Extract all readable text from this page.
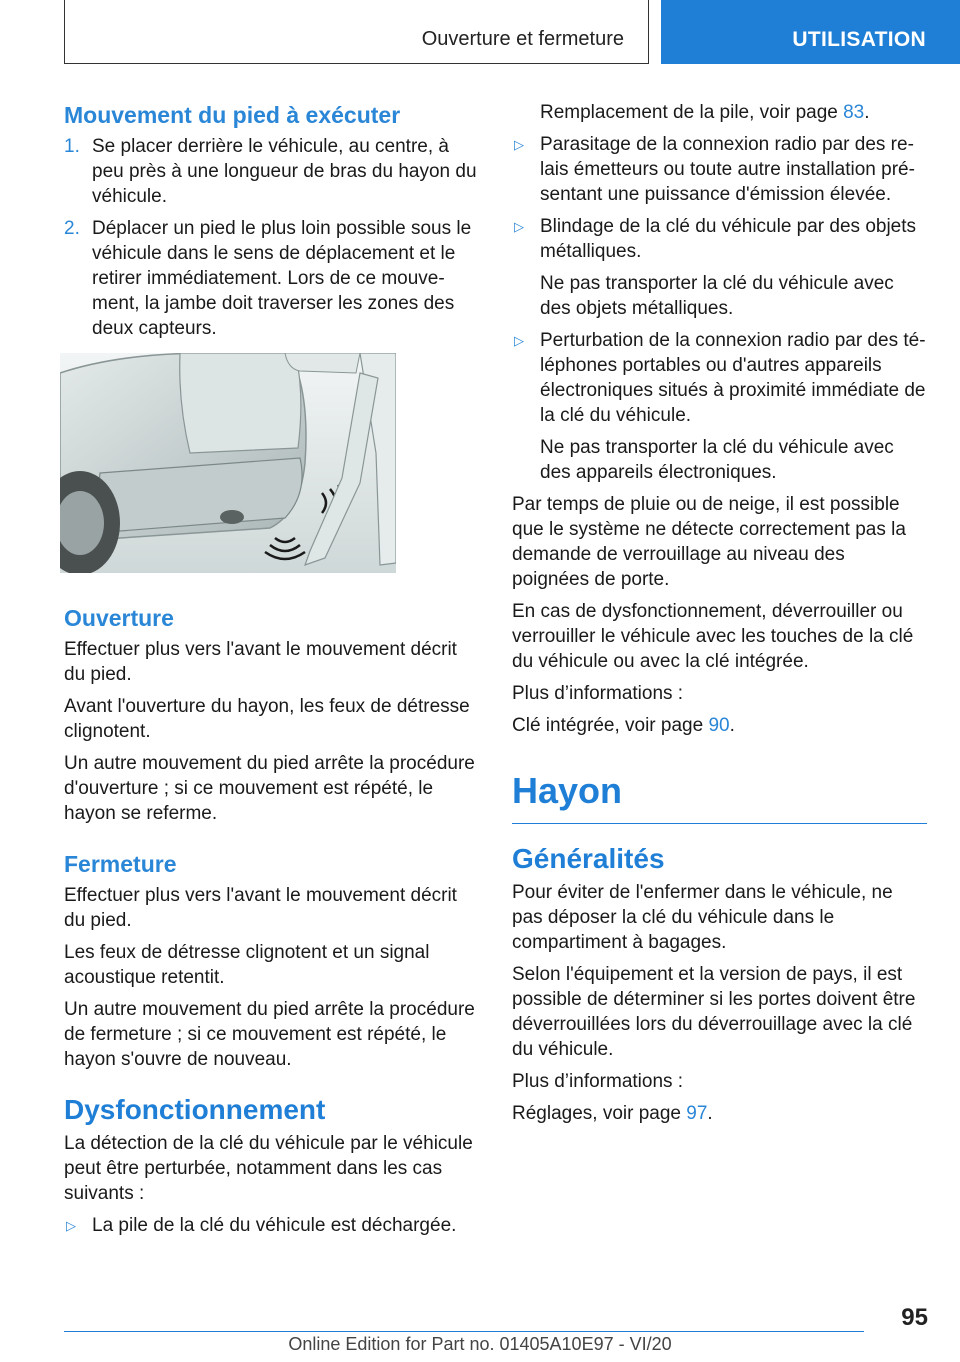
Ouverture et fermeture	UTILISATION
Mouvement du pied à exécuter
1. Se placer derrière le véhicule, au centre, à peu près à une longueur de bras du hayon du véhicule.
2. Déplacer un pied le plus loin possible sous le véhicule dans le sens de déplacement et le retirer immédiatement. Lors de ce mouve‐ment, la jambe doit traverser les zones des deux capteurs.
Ouverture

Effectuer plus vers l'avant le mouvement décrit du pied.

Avant l'ouverture du hayon, les feux de détresse clignotent.

Un autre mouvement du pied arrête la procédure d'ouverture ; si ce mouvement est répété, le hayon se referme.

Fermeture

Effectuer plus vers l'avant le mouvement décrit du pied.

Les feux de détresse clignotent et un signal acoustique retentit.

Un autre mouvement du pied arrête la procédure de fermeture ; si ce mouvement est répété, le hayon s'ouvre de nouveau.

Dysfonctionnement

La détection de la clé du véhicule par le véhicule peut être perturbée, notamment dans les cas suivants :

▷ La pile de la clé du véhicule est déchargée.

Remplacement de la pile, voir page 83.

▷ Parasitage de la connexion radio par des re‐lais émetteurs ou toute autre installation pré‐sentant une puissance d'émission élevée.
▷ Blindage de la clé du véhicule par des objets métalliques.

Ne pas transporter la clé du véhicule avec des objets métalliques.

▷ Perturbation de la connexion radio par des té‐léphones portables ou d'autres appareils électroniques situés à proximité immédiate de la clé du véhicule.

Ne pas transporter la clé du véhicule avec des appareils électroniques.

Par temps de pluie ou de neige, il est possible que le système ne détecte correctement pas la demande de verrouillage au niveau des poignées de porte.

En cas de dysfonctionnement, déverrouiller ou verrouiller le véhicule avec les touches de la clé du véhicule ou avec la clé intégrée.

Plus d’informations :

Clé intégrée, voir page 90.

Hayon
Généralités

Pour éviter de l'enfermer dans le véhicule, ne pas déposer la clé du véhicule dans le compartiment à bagages.

Selon l'équipement et la version de pays, il est possible de déterminer si les portes doivent être déverrouillées lors du déverrouillage avec la clé du véhicule.

Plus d’informations :

Réglages, voir page 97.

95
Online Edition for Part no. 01405A10E97 - VI/20
